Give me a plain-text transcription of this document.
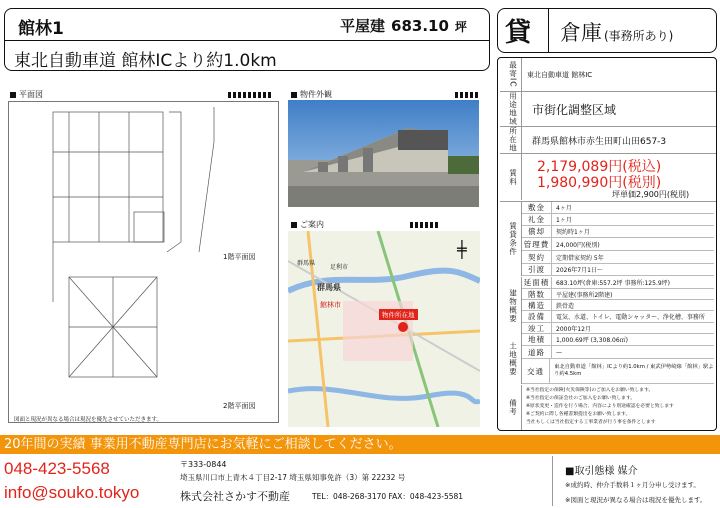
館林1	平屋建 683.10 坪
東北自動車道 館林ICより約1.0km
貸 倉庫 (事務所あり)
平面図
1階平面図
2階平面図
図面と現況が異なる場合は現況を優先させていただきます。
物件外観
ご案内
群馬県
館林市
足利市
群馬県
物件所在地
╪
最寄IC	東北自動車道 館林IC
用途地域	市街化調整区域
所在地	群馬県館林市赤生田町山田657-3
賃料
2,179,089円(税込)
1,980,990円(税別)
坪単価2,900円(税別)
賃貸条件
敷金	4ヶ月
礼金	1ヶ月
償却	契約時1ヶ月
管理費	24,000円(税別)
契約	定期借家契約 5年
引渡	2026年7月1日〜
建物概要
延面積	683.10坪(倉庫:557.2坪 事務所:125.9坪)
階数	平屋建(事務所2階建)
構造	鉄骨造
設備	電気、水道、トイレ、電動シャッター、浄化槽、事務所
竣工	2000年12月
土地概要
地積	1,000.69坪 (3,308.06㎡)
道路	—
交通	東北自動車道「館林」ICより約1.0km / 東武伊勢崎線「館林」駅より約4.5km
備考
※当社指定の保険(火災保険等)のご加入をお願い致します。
※当社指定の保証会社のご加入をお願い致します。
※原状変更・造作を行う場合、内容により別途確認を必要と致します
※ご契約に際し各種書類提出をお願い致します。
当社もしくは当社指定する工事業者が行う事を条件とします
20年間の実績 事業用不動産専門店にお気軽にご相談してください。
048-423-5568
info@souko.tokyo
〒333-0844
埼玉県川口市上青木４丁目2-17 埼玉県知事免許（3）第 22232 号
株式会社さかす不動産	TEL：048-268-3170 FAX：048-423-5581
■取引態様 媒介
※成約時、仲介手数料１ヶ月分申し受けます。
※図面と現況が異なる場合は現況を優先します。
